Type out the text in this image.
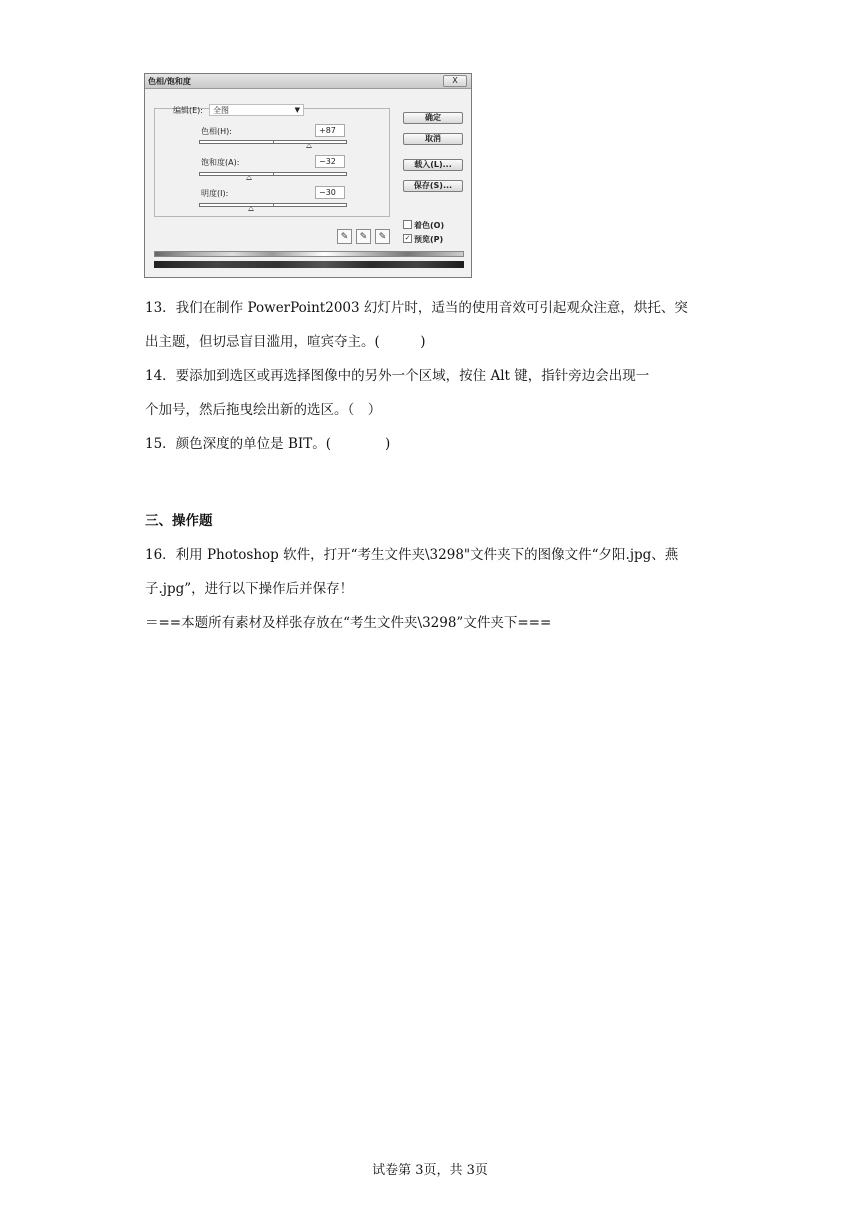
色相/饱和度	X
编辑(E): 全图	▼
色相(H):	+87
饱和度(A):	−32
明度(I):	−30
确定
取消
载入(L)...
保存(S)...
✎	✎	✎
着色(O)
✓ 预览(P)
13．我们在制作 PowerPoint2003 幻灯片时，适当的使用音效可引起观众注意，烘托、突
出主题，但切忌盲目滥用，喧宾夺主。(　　　)
14．要添加到选区或再选择图像中的另外一个区域，按住 Alt 键，指针旁边会出现一
个加号，然后拖曳绘出新的选区。（　）
15．颜色深度的单位是 BIT。(　　　　)
三、操作题
16．利用 Photoshop 软件，打开“考生文件夹\3298"文件夹下的图像文件“夕阳.jpg、燕
子.jpg”，进行以下操作后并保存！
＝==本题所有素材及样张存放在“考生文件夹\3298”文件夹下===
试卷第 3页，共 3页
